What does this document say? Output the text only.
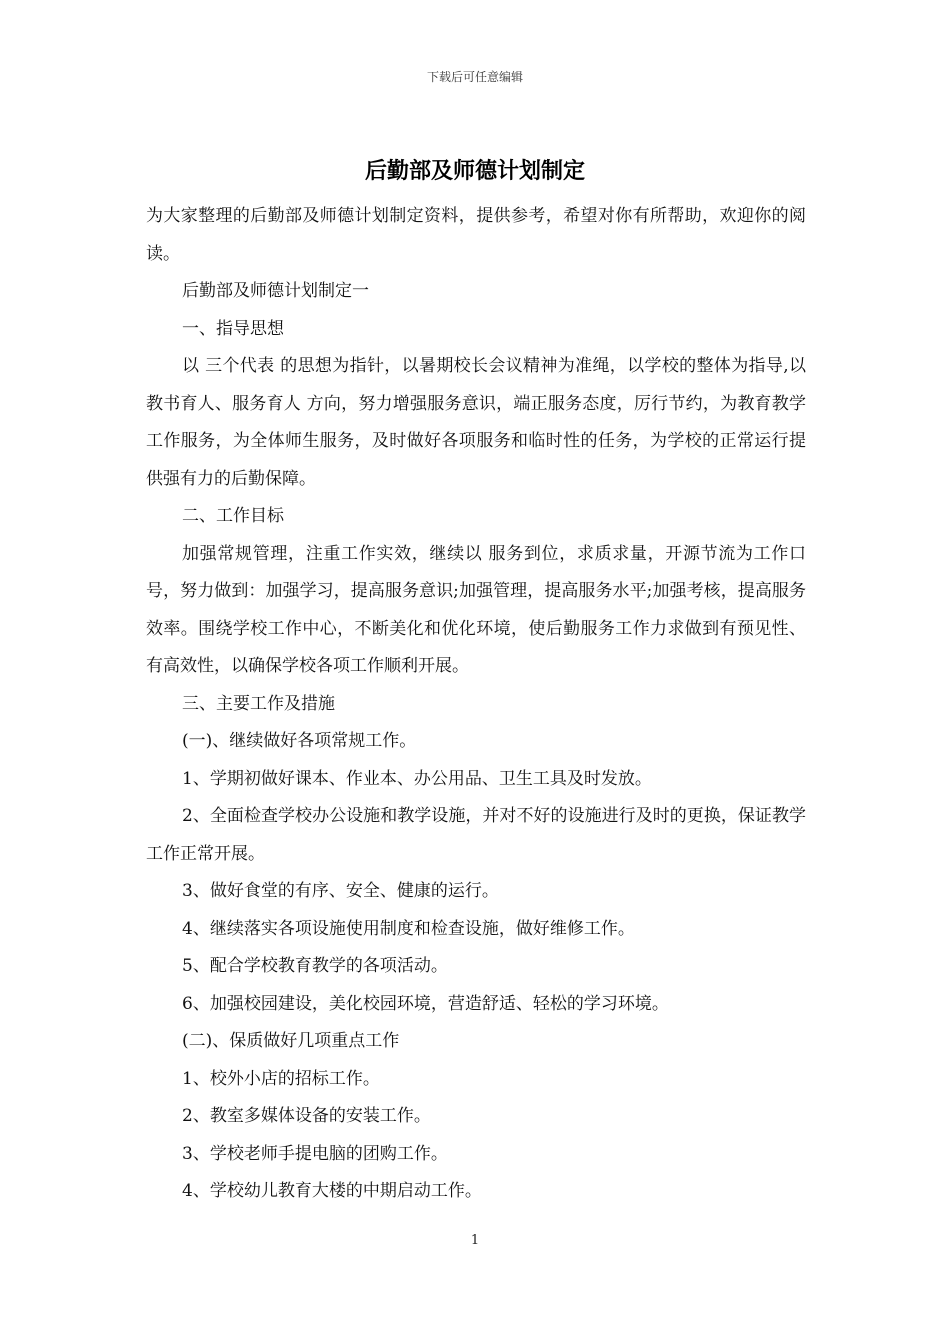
下载后可任意编辑
后勤部及师德计划制定

为大家整理的后勤部及师德计划制定资料，提供参考，希望对你有所帮助，欢迎你的阅读。

后勤部及师德计划制定一

一、指导思想

以 三个代表 的思想为指针，以暑期校长会议精神为准绳，以学校的整体为指导,以 教书育人、服务育人 方向，努力增强服务意识，端正服务态度，厉行节约，为教育教学工作服务，为全体师生服务，及时做好各项服务和临时性的任务，为学校的正常运行提供强有力的后勤保障。

二、工作目标

加强常规管理，注重工作实效，继续以 服务到位，求质求量，开源节流为工作口号，努力做到：加强学习，提高服务意识;加强管理，提高服务水平;加强考核，提高服务效率。围绕学校工作中心，不断美化和优化环境，使后勤服务工作力求做到有预见性、有高效性，以确保学校各项工作顺利开展。

三、主要工作及措施

(一)、继续做好各项常规工作。

1、学期初做好课本、作业本、办公用品、卫生工具及时发放。

2、全面检查学校办公设施和教学设施，并对不好的设施进行及时的更换，保证教学工作正常开展。

3、做好食堂的有序、安全、健康的运行。

4、继续落实各项设施使用制度和检查设施，做好维修工作。

5、配合学校教育教学的各项活动。

6、加强校园建设，美化校园环境，营造舒适、轻松的学习环境。

(二)、保质做好几项重点工作

1、校外小店的招标工作。

2、教室多媒体设备的安装工作。

3、学校老师手提电脑的团购工作。

4、学校幼儿教育大楼的中期启动工作。

1
